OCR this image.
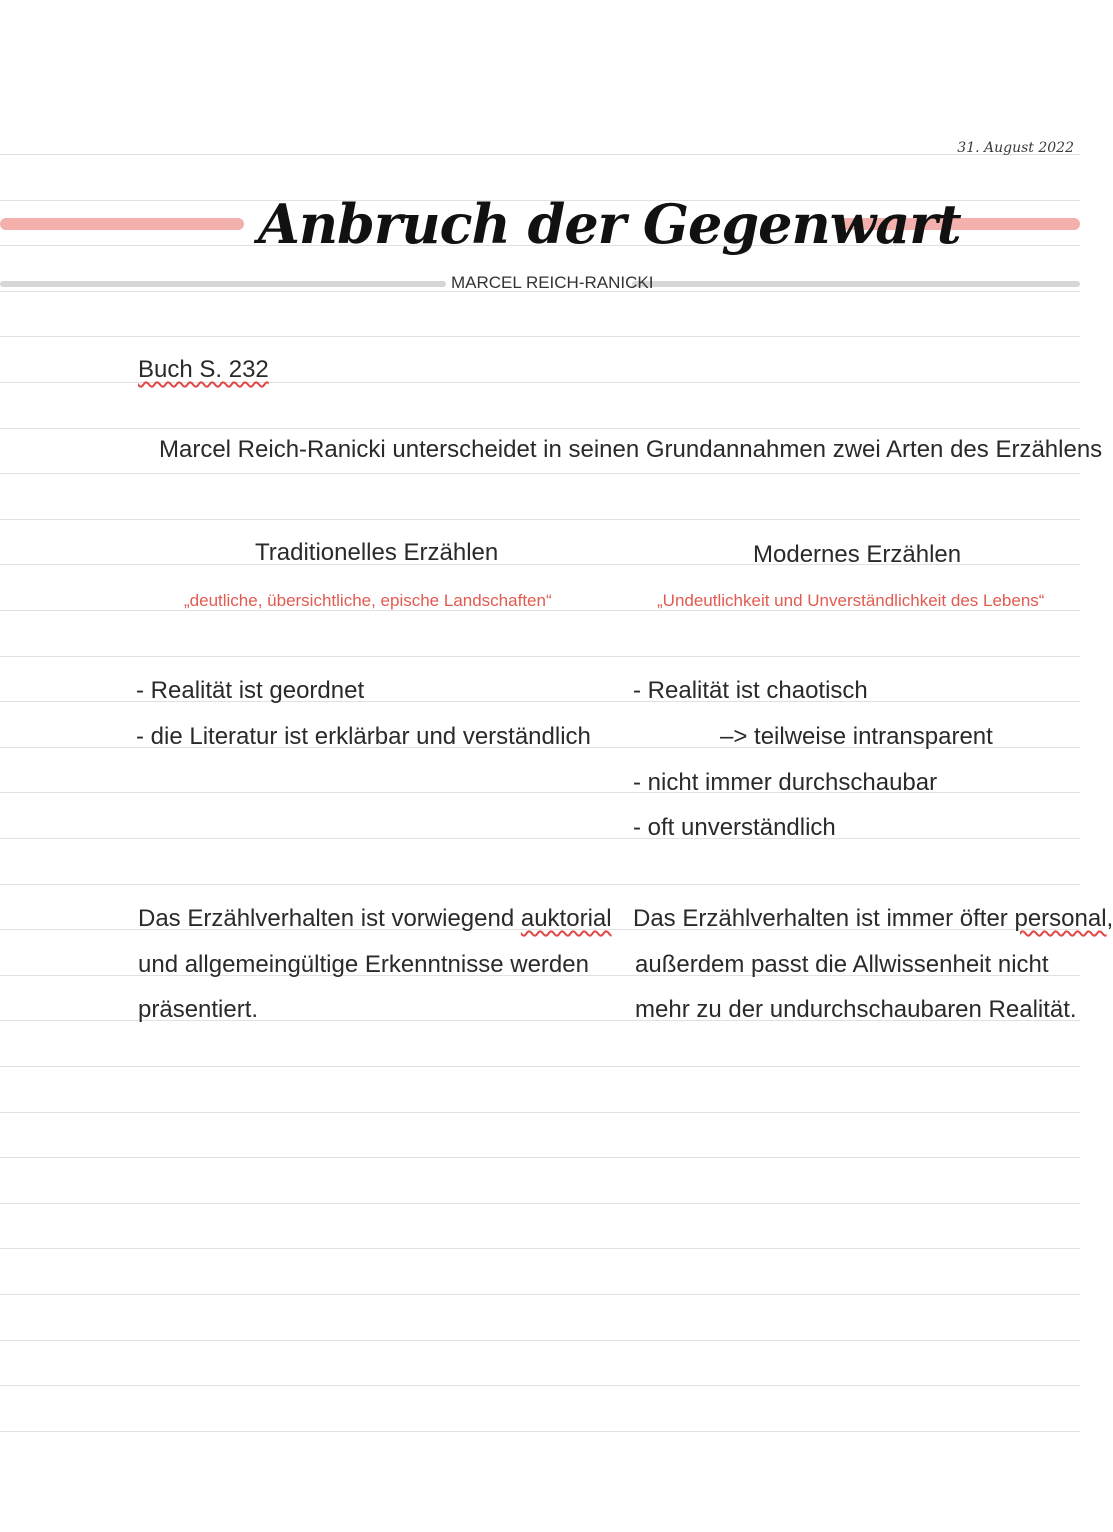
31. August 2022
Anbruch der Gegenwart
MARCEL REICH-RANICKI
Buch S. 232
Marcel Reich-Ranicki unterscheidet in seinen Grundannahmen zwei Arten des Erzählens
Traditionelles Erzählen
„deutliche, übersichtliche, epische Landschaften“
- Realität ist geordnet
- die Literatur ist erklärbar und verständlich
Das Erzählverhalten ist vorwiegend auktorial
und allgemeingültige Erkenntnisse werden
präsentiert.
Modernes Erzählen
„Undeutlichkeit und Unverständlichkeit des Lebens“
- Realität ist chaotisch
–> teilweise intransparent
- nicht immer durchschaubar
- oft unverständlich
Das Erzählverhalten ist immer öfter personal,
außerdem passt die Allwissenheit nicht
mehr zu der undurchschaubaren Realität.
